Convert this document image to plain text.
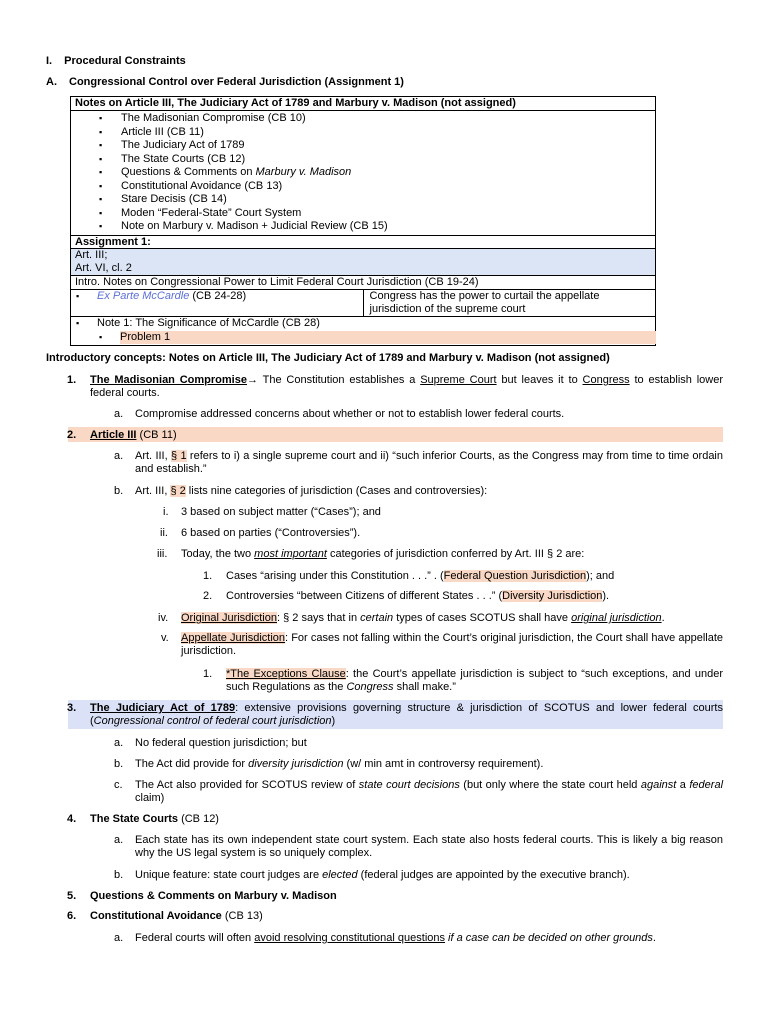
I. Procedural Constraints
A. Congressional Control over Federal Jurisdiction (Assignment 1)
Notes on Article III, The Judiciary Act of 1789 and Marbury v. Madison (not assigned)
▪ The Madisonian Compromise (CB 10)
▪ Article III (CB 11)
▪ The Judiciary Act of 1789
▪ The State Courts (CB 12)
▪ Questions & Comments on Marbury v. Madison
▪ Constitutional Avoidance (CB 13)
▪ Stare Decisis (CB 14)
▪ Moden “Federal-State” Court System
▪ Note on Marbury v. Madison + Judicial Review (CB 15)
Assignment 1:
Art. III;
Art. VI, cl. 2
Intro. Notes on Congressional Power to Limit Federal Court Jurisdiction (CB 19-24)
▪ Ex Parte McCardle (CB 24-28)	Congress has the power to curtail the appellate jurisdiction of the supreme court
▪ Note 1: The Significance of McCardle (CB 28)
▪ Problem 1
Introductory concepts: Notes on Article III, The Judiciary Act of 1789 and Marbury v. Madison (not assigned)
1. The Madisonian Compromise→ The Constitution establishes a Supreme Court but leaves it to Congress to establish lower federal courts.
a. Compromise addressed concerns about whether or not to establish lower federal courts.
2. Article III (CB 11)
a. Art. III, § 1 refers to i) a single supreme court and ii) “such inferior Courts, as the Congress may from time to time ordain and establish.”
b. Art. III, § 2 lists nine categories of jurisdiction (Cases and controversies):
i. 3 based on subject matter (“Cases”); and
ii. 6 based on parties (“Controversies”).
iii. Today, the two most important categories of jurisdiction conferred by Art. III § 2 are:
1. Cases “arising under this Constitution . . .” . (Federal Question Jurisdiction); and
2. Controversies “between Citizens of different States . . .” (Diversity Jurisdiction).
iv. Original Jurisdiction: § 2 says that in certain types of cases SCOTUS shall have original jurisdiction.
v. Appellate Jurisdiction: For cases not falling within the Court’s original jurisdiction, the Court shall have appellate jurisdiction.
1. *The Exceptions Clause: the Court’s appellate jurisdiction is subject to “such exceptions, and under such Regulations as the Congress shall make.”
3. The Judiciary Act of 1789: extensive provisions governing structure & jurisdiction of SCOTUS and lower federal courts (Congressional control of federal court jurisdiction)
a. No federal question jurisdiction; but
b. The Act did provide for diversity jurisdiction (w/ min amt in controversy requirement).
c. The Act also provided for SCOTUS review of state court decisions (but only where the state court held against a federal claim)
4. The State Courts (CB 12)
a. Each state has its own independent state court system. Each state also hosts federal courts. This is likely a big reason why the US legal system is so uniquely complex.
b. Unique feature: state court judges are elected (federal judges are appointed by the executive branch).
5. Questions & Comments on Marbury v. Madison
6. Constitutional Avoidance (CB 13)
a. Federal courts will often avoid resolving constitutional questions if a case can be decided on other grounds.
